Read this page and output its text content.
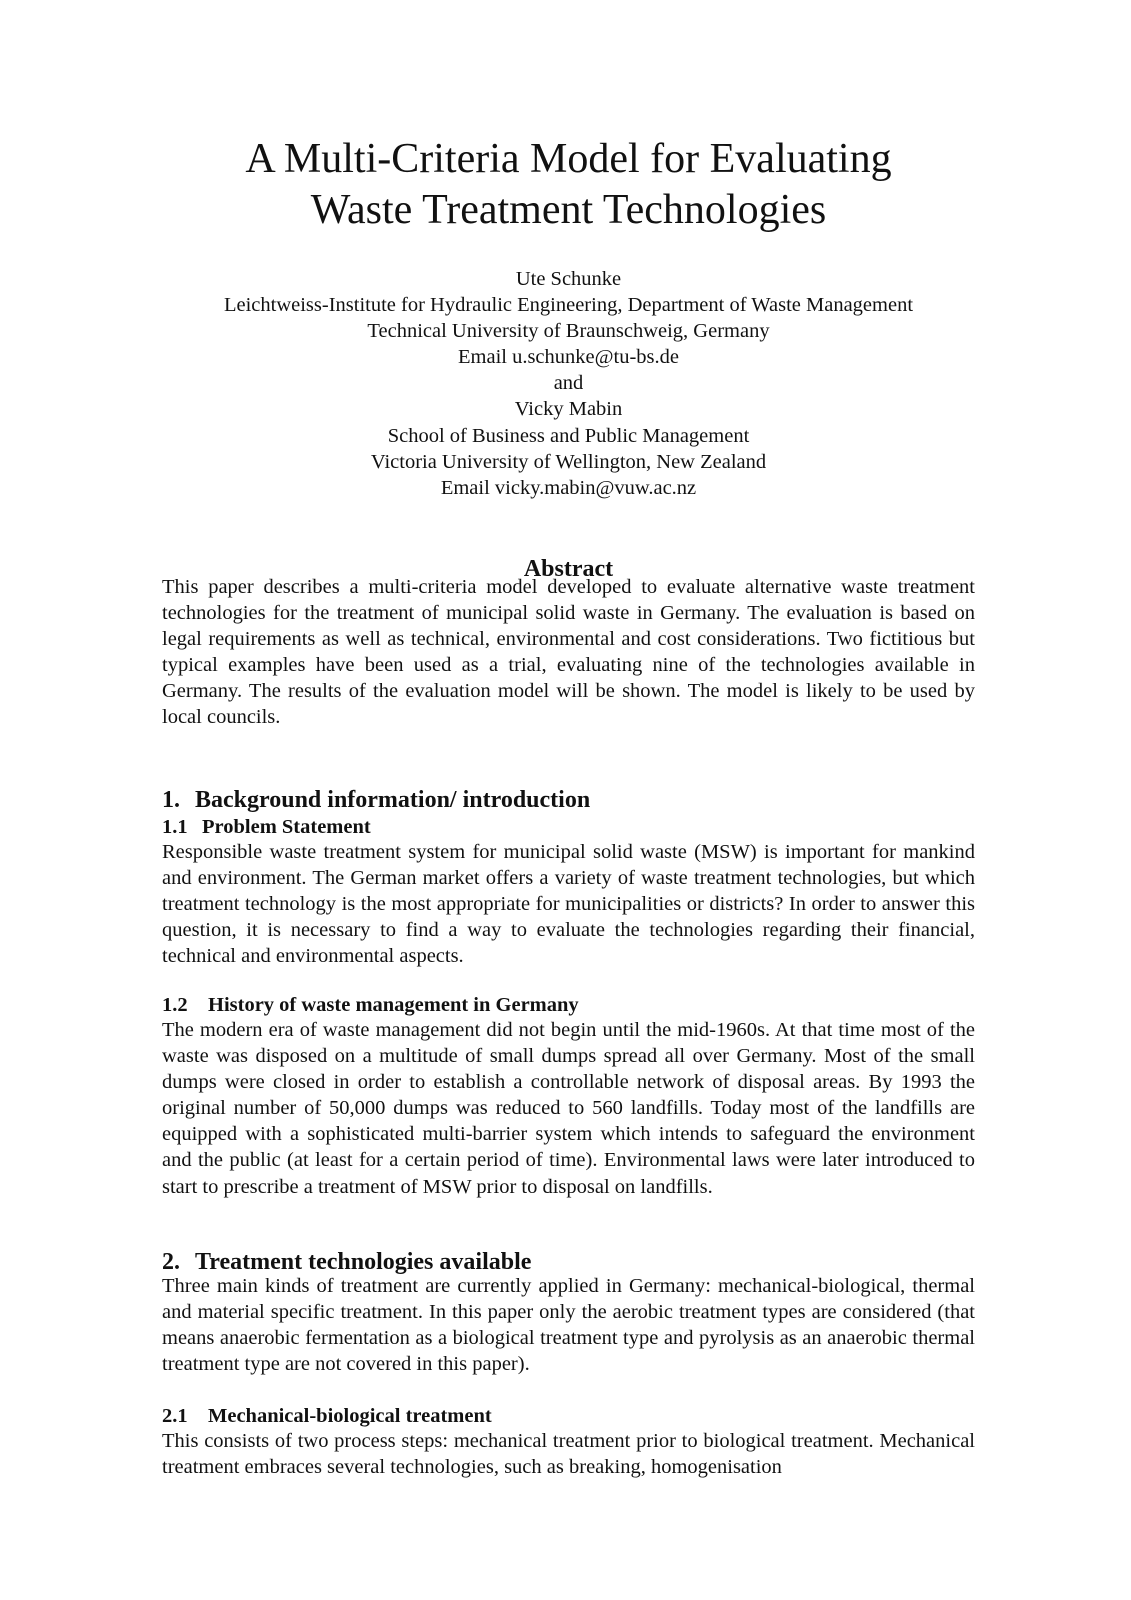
A Multi-Criteria Model for Evaluating
Waste Treatment Technologies
Ute Schunke
Leichtweiss-Institute for Hydraulic Engineering, Department of Waste Management
Technical University of Braunschweig, Germany
Email u.schunke@tu-bs.de
and
Vicky Mabin
School of Business and Public Management
Victoria University of Wellington, New Zealand
Email vicky.mabin@vuw.ac.nz
Abstract

This paper describes a multi-criteria model developed to evaluate alternative waste treatment technologies for the treatment of municipal solid waste in Germany. The evaluation is based on legal requirements as well as technical, environmental and cost considerations. Two fictitious but typical examples have been used as a trial, evaluating nine of the technologies available in Germany. The results of the evaluation model will be shown. The model is likely to be used by local councils.

1. Background information/ introduction
1.1 Problem Statement

Responsible waste treatment system for municipal solid waste (MSW) is important for mankind and environment. The German market offers a variety of waste treatment technologies, but which treatment technology is the most appropriate for municipalities or districts? In order to answer this question, it is necessary to find a way to evaluate the technologies regarding their financial, technical and environmental aspects.

1.2 History of waste management in Germany

The modern era of waste management did not begin until the mid-1960s. At that time most of the waste was disposed on a multitude of small dumps spread all over Germany. Most of the small dumps were closed in order to establish a controllable network of disposal areas. By 1993 the original number of 50,000 dumps was reduced to 560 landfills. Today most of the landfills are equipped with a sophisticated multi-barrier system which intends to safeguard the environment and the public (at least for a certain period of time). Environmental laws were later introduced to start to prescribe a treatment of MSW prior to disposal on landfills.

2. Treatment technologies available

Three main kinds of treatment are currently applied in Germany: mechanical-biological, thermal and material specific treatment. In this paper only the aerobic treatment types are considered (that means anaerobic fermentation as a biological treatment type and pyrolysis as an anaerobic thermal treatment type are not covered in this paper).

2.1 Mechanical-biological treatment

This consists of two process steps: mechanical treatment prior to biological treatment. Mechanical treatment embraces several technologies, such as breaking, homogenisation
